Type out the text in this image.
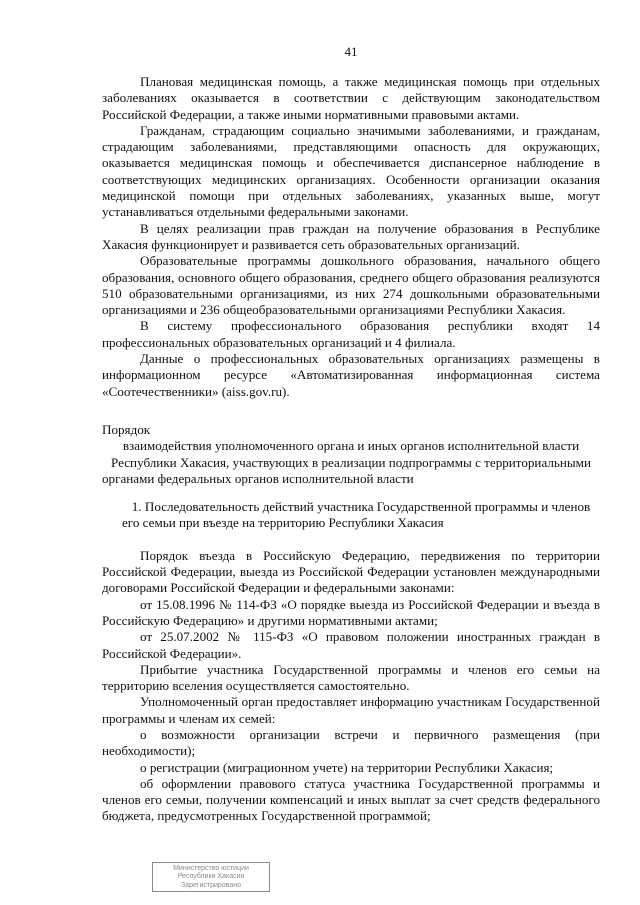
41

Плановая медицинская помощь, а также медицинская помощь при отдельных заболеваниях оказывается в соответствии с действующим законодательством Российской Федерации, а также иными нормативными правовыми актами.

Гражданам, страдающим социально значимыми заболеваниями, и гражданам, страдающим заболеваниями, представляющими опасность для окружающих, оказывается медицинская помощь и обеспечивается диспансерное наблюдение в соответствующих медицинских организациях. Особенности организации оказания медицинской помощи при отдельных заболеваниях, указанных выше, могут устанавливаться отдельными федеральными законами.

В целях реализации прав граждан на получение образования в Республике Хакасия функционирует и развивается сеть образовательных организаций.

Образовательные программы дошкольного образования, начального общего образования, основного общего образования, среднего общего образования реализуются 510 образовательными организациями, из них 274 дошкольными образовательными организациями и 236 общеобразовательными организациями Республики Хакасия.

В систему профессионального образования республики входят 14 профессиональных образовательных организаций и 4 филиала.

Данные о профессиональных образовательных организациях размещены в информационном ресурсе «Автоматизированная информационная система «Соотечественники» (aiss.gov.ru).

Порядок
взаимодействия уполномоченного органа и иных органов исполнительной власти Республики Хакасия, участвующих в реализации подпрограммы с территориальными органами федеральных органов исполнительной власти
1. Последовательность действий участника Государственной программы и членов его семьи при въезде на территорию Республики Хакасия

Порядок въезда в Российскую Федерацию, передвижения по территории Российской Федерации, выезда из Российской Федерации установлен международными договорами Российской Федерации и федеральными законами:

от 15.08.1996 № 114-ФЗ «О порядке выезда из Российской Федерации и въезда в Российскую Федерацию» и другими нормативными актами;

от 25.07.2002 № 115-ФЗ «О правовом положении иностранных граждан в Российской Федерации».

Прибытие участника Государственной программы и членов его семьи на территорию вселения осуществляется самостоятельно.

Уполномоченный орган предоставляет информацию участникам Государственной программы и членам их семей:

о возможности организации встречи и первичного размещения (при необходимости);

о регистрации (миграционном учете) на территории Республики Хакасия;

об оформлении правового статуса участника Государственной программы и членов его семьи, получении компенсаций и иных выплат за счет средств федерального бюджета, предусмотренных Государственной программой;

Министерство юстиции
Республики Хакасия
Зарегистрировано
